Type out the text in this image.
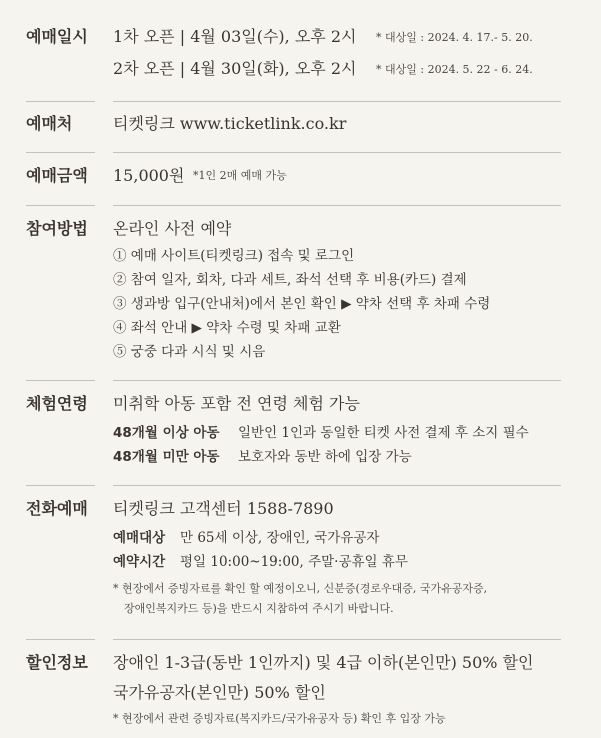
예매일시 1차 오픈 | 4월 03일(수), 오후 2시 * 대상일 : 2024. 4. 17.- 5. 20.
2차 오픈 | 4월 30일(화), 오후 2시 * 대상일 : 2024. 5. 22 - 6. 24.
예매처	티켓링크 www.ticketlink.co.kr
예매금액 15,000원 *1인 2매 예매 가능
참여방법 온라인 사전 예약
① 예매 사이트(티켓링크) 접속 및 로그인
② 참여 일자, 회차, 다과 세트, 좌석 선택 후 비용(카드) 결제
③ 생과방 입구(안내처)에서 본인 확인 ▶ 약차 선택 후 차패 수령
④ 좌석 안내 ▶ 약차 수령 및 차패 교환
⑤ 궁중 다과 시식 및 시음
체험연령 미취학 아동 포함 전 연령 체험 가능
48개월 이상 아동 일반인 1인과 동일한 티켓 사전 결제 후 소지 필수
48개월 미만 아동 보호자와 동반 하에 입장 가능
전화예매 티켓링크 고객센터 1588-7890
예매대상 만 65세 이상, 장애인, 국가유공자
예약시간 평일 10:00~19:00, 주말·공휴일 휴무
* 현장에서 증빙자료를 확인 할 예정이오니, 신분증(경로우대증, 국가유공자증,
장애인복지카드 등)을 반드시 지참하여 주시기 바랍니다.
할인정보 장애인 1-3급(동반 1인까지) 및 4급 이하(본인만) 50% 할인
국가유공자(본인만) 50% 할인
* 현장에서 관련 증빙자료(복지카드/국가유공자 등) 확인 후 입장 가능
